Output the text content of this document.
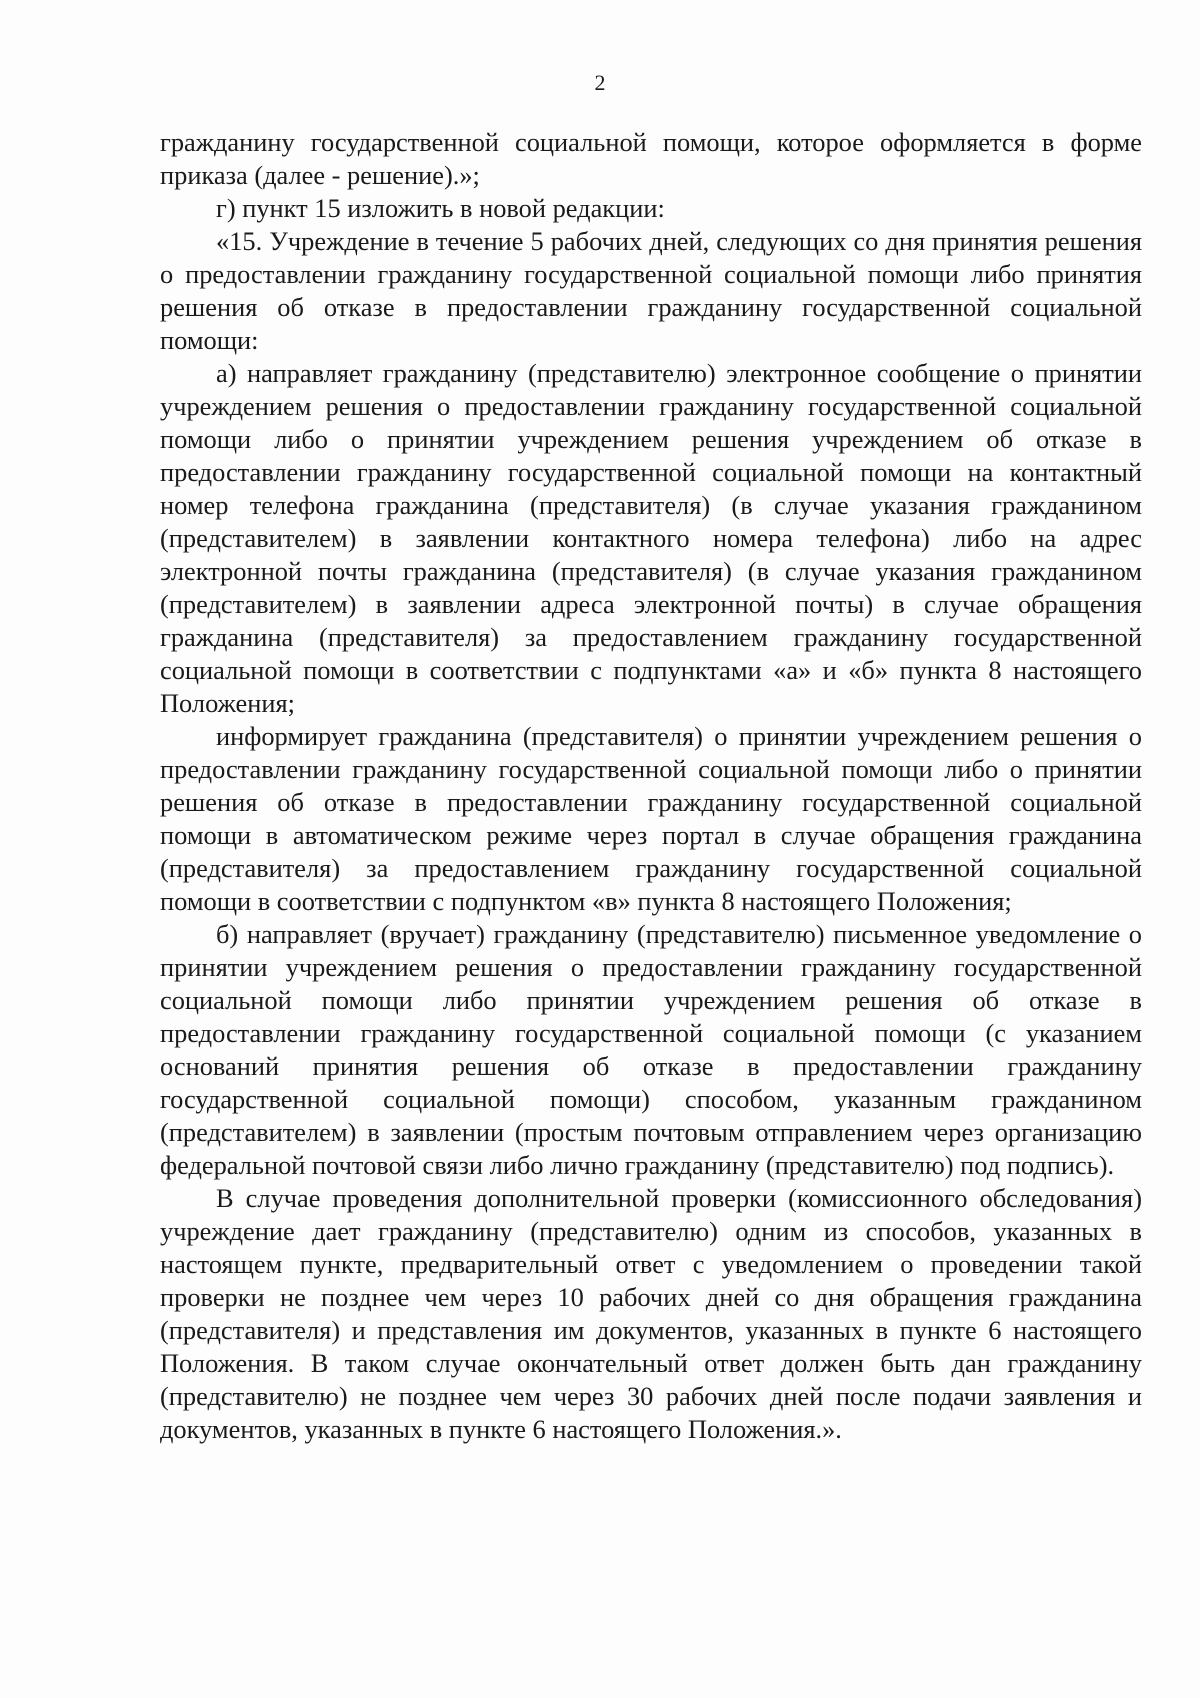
2

гражданину государственной социальной помощи, которое оформляется в форме приказа (далее - решение).»;

г) пункт 15 изложить в новой редакции:

«15. Учреждение в течение 5 рабочих дней, следующих со дня принятия решения о предоставлении гражданину государственной социальной помощи либо принятия решения об отказе в предоставлении гражданину государственной социальной помощи:

а) направляет гражданину (представителю) электронное сообщение о принятии учреждением решения о предоставлении гражданину государственной социальной помощи либо о принятии учреждением решения учреждением об отказе в предоставлении гражданину государственной социальной помощи на контактный номер телефона гражданина (представителя) (в случае указания гражданином (представителем) в заявлении контактного номера телефона) либо на адрес электронной почты гражданина (представителя) (в случае указания гражданином (представителем) в заявлении адреса электронной почты) в случае обращения гражданина (представителя) за предоставлением гражданину государственной социальной помощи в соответствии с подпунктами «а» и «б» пункта 8 настоящего Положения;

информирует гражданина (представителя) о принятии учреждением решения о предоставлении гражданину государственной социальной помощи либо о принятии решения об отказе в предоставлении гражданину государственной социальной помощи в автоматическом режиме через портал в случае обращения гражданина (представителя) за предоставлением гражданину государственной социальной помощи в соответствии с подпунктом «в» пункта 8 настоящего Положения;

б) направляет (вручает) гражданину (представителю) письменное уведомление о принятии учреждением решения о предоставлении гражданину государственной социальной помощи либо принятии учреждением решения об отказе в предоставлении гражданину государственной социальной помощи (с указанием оснований принятия решения об отказе в предоставлении гражданину государственной социальной помощи) способом, указанным гражданином (представителем) в заявлении (простым почтовым отправлением через организацию федеральной почтовой связи либо лично гражданину (представителю) под подпись).

В случае проведения дополнительной проверки (комиссионного обследования) учреждение дает гражданину (представителю) одним из способов, указанных в настоящем пункте, предварительный ответ с уведомлением о проведении такой проверки не позднее чем через 10 рабочих дней со дня обращения гражданина (представителя) и представления им документов, указанных в пункте 6 настоящего Положения. В таком случае окончательный ответ должен быть дан гражданину (представителю) не позднее чем через 30 рабочих дней после подачи заявления и документов, указанных в пункте 6 настоящего Положения.».
